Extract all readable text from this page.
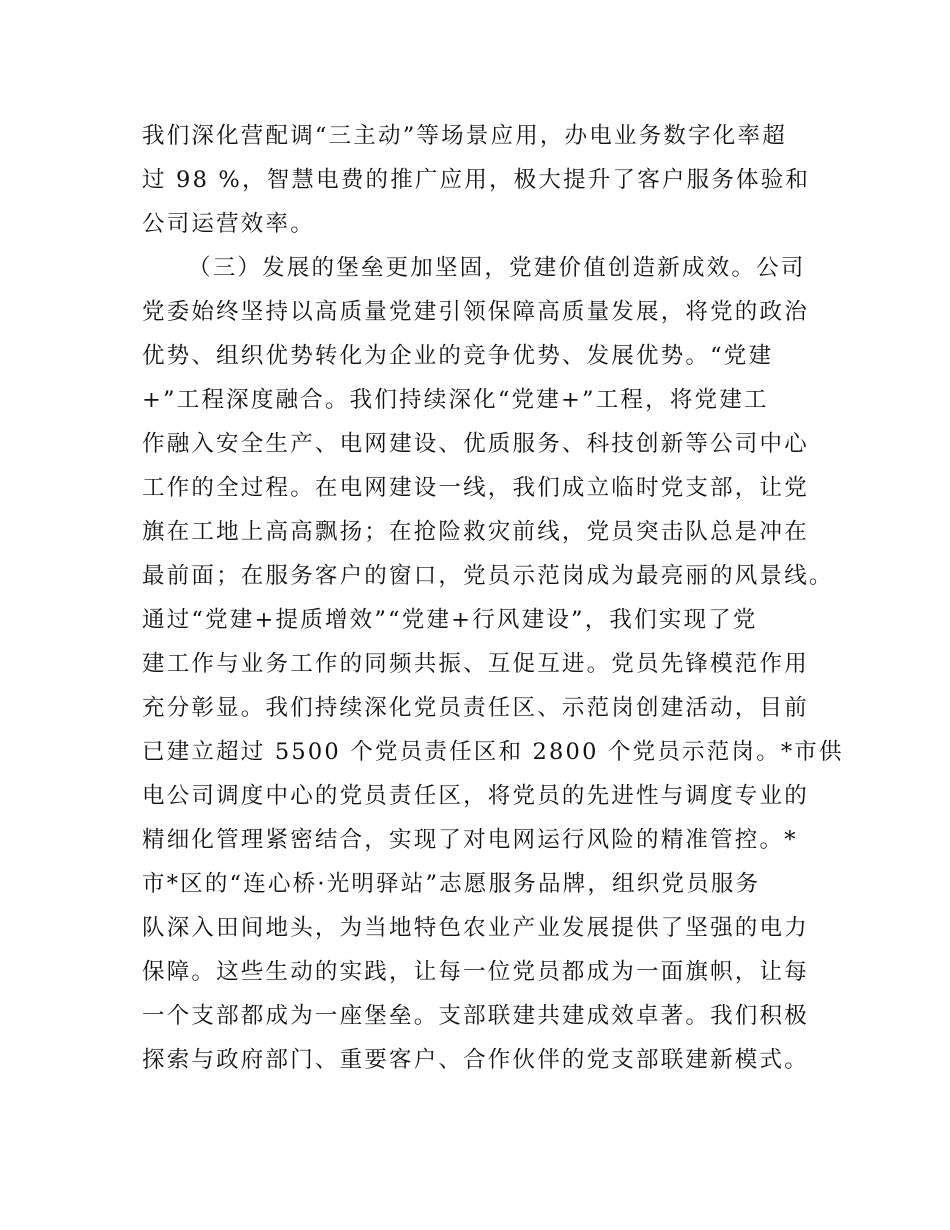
我们深化营配调“三主动”等场景应用，办电业务数字化率超
过 98 %，智慧电费的推广应用，极大提升了客户服务体验和
公司运营效率。
（三）发展的堡垒更加坚固，党建价值创造新成效。公司
党委始终坚持以高质量党建引领保障高质量发展，将党的政治
优势、组织优势转化为企业的竞争优势、发展优势。“党建
+”工程深度融合。我们持续深化“党建+”工程，将党建工
作融入安全生产、电网建设、优质服务、科技创新等公司中心
工作的全过程。在电网建设一线，我们成立临时党支部，让党
旗在工地上高高飘扬；在抢险救灾前线，党员突击队总是冲在
最前面；在服务客户的窗口，党员示范岗成为最亮丽的风景线。
通过“党建+提质增效”“党建+行风建设”，我们实现了党
建工作与业务工作的同频共振、互促互进。党员先锋模范作用
充分彰显。我们持续深化党员责任区、示范岗创建活动，目前
已建立超过 5500 个党员责任区和 2800 个党员示范岗。*市供
电公司调度中心的党员责任区，将党员的先进性与调度专业的
精细化管理紧密结合，实现了对电网运行风险的精准管控。*
市*区的“连心桥·光明驿站”志愿服务品牌，组织党员服务
队深入田间地头，为当地特色农业产业发展提供了坚强的电力
保障。这些生动的实践，让每一位党员都成为一面旗帜，让每
一个支部都成为一座堡垒。支部联建共建成效卓著。我们积极
探索与政府部门、重要客户、合作伙伴的党支部联建新模式。
